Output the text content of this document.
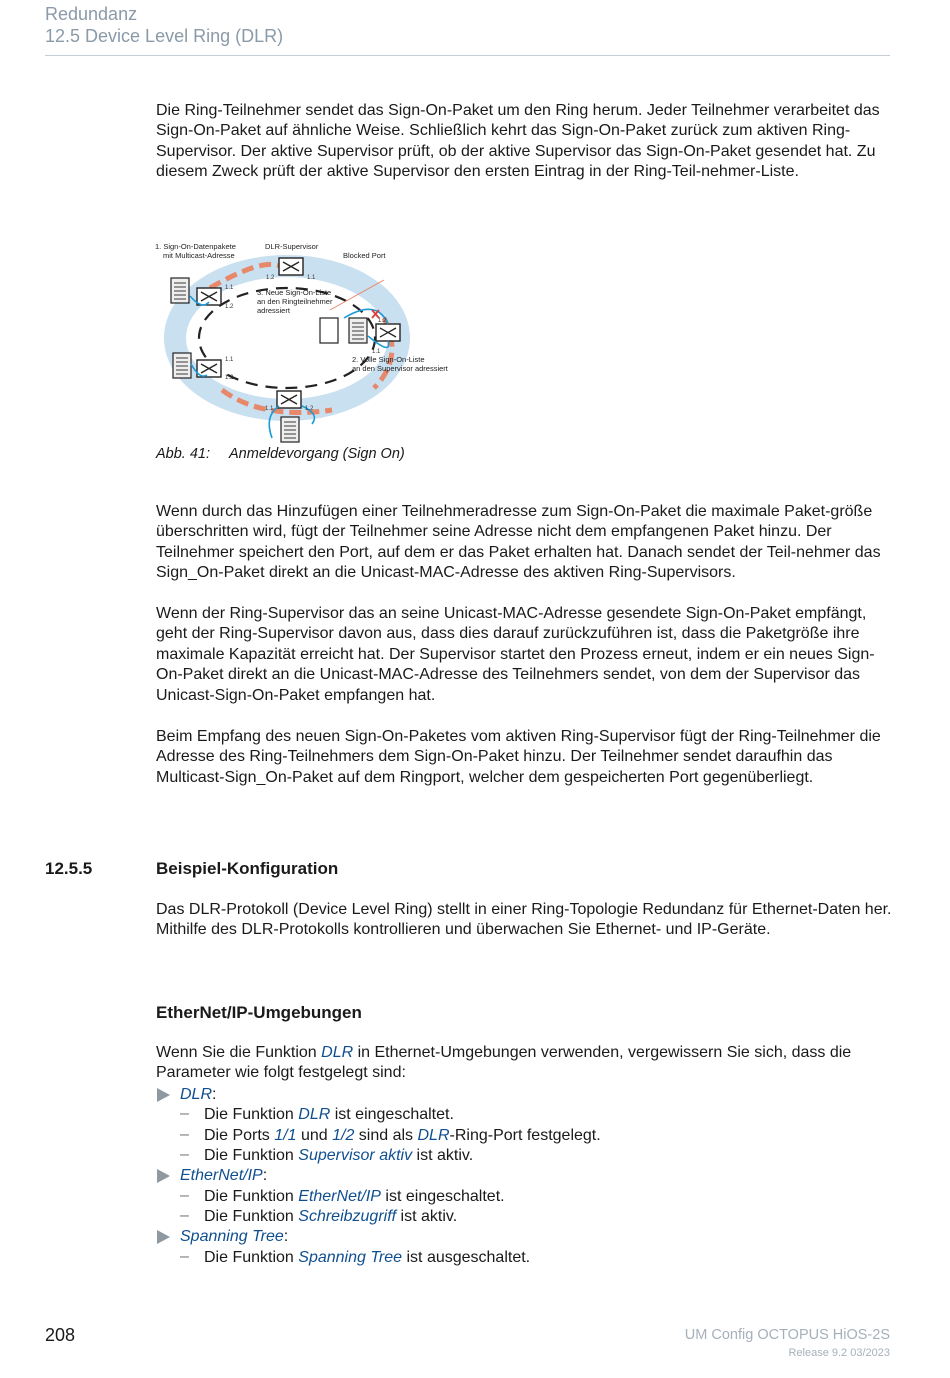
Redundanz
12.5 Device Level Ring (DLR)
Die Ring-Teilnehmer sendet das Sign-On-Paket um den Ring herum. Jeder Teilnehmer verarbeitet das Sign-On-Paket auf ähnliche Weise. Schließlich kehrt das Sign-On-Paket zurück zum aktiven Ring-Supervisor. Der aktive Supervisor prüft, ob der aktive Supervisor das Sign-On-Paket gesendet hat. Zu diesem Zweck prüft der aktive Supervisor den ersten Eintrag in der Ring-Teil-nehmer-Liste.
1. Sign-On-Datenpakete
mit Multicast-Adresse
DLR-Supervisor
Blocked Port
3. Neue Sign-On-Liste
an den Ringteilnehmer
adressiert
2. Volle Sign-On-Liste
an den Supervisor adressiert
1.2	1.1
1.1
1.2
1.1
1.2
1.1	1.2
1.2
1.1
Abb. 41: Anmeldevorgang (Sign On)
Wenn durch das Hinzufügen einer Teilnehmeradresse zum Sign-On-Paket die maximale Paket-größe überschritten wird, fügt der Teilnehmer seine Adresse nicht dem empfangenen Paket hinzu. Der Teilnehmer speichert den Port, auf dem er das Paket erhalten hat. Danach sendet der Teil-nehmer das Sign_On-Paket direkt an die Unicast-MAC-Adresse des aktiven Ring-Supervisors.
Wenn der Ring-Supervisor das an seine Unicast-MAC-Adresse gesendete Sign-On-Paket empfängt, geht der Ring-Supervisor davon aus, dass dies darauf zurückzuführen ist, dass die Paketgröße ihre maximale Kapazität erreicht hat. Der Supervisor startet den Prozess erneut, indem er ein neues Sign-On-Paket direkt an die Unicast-MAC-Adresse des Teilnehmers sendet, von dem der Supervisor das Unicast-Sign-On-Paket empfangen hat.
Beim Empfang des neuen Sign-On-Paketes vom aktiven Ring-Supervisor fügt der Ring-Teilnehmer die Adresse des Ring-Teilnehmers dem Sign-On-Paket hinzu. Der Teilnehmer sendet daraufhin das Multicast-Sign_On-Paket auf dem Ringport, welcher dem gespeicherten Port gegenüberliegt.
12.5.5	Beispiel-Konfiguration
Das DLR-Protokoll (Device Level Ring) stellt in einer Ring-Topologie Redundanz für Ethernet-Daten her. Mithilfe des DLR-Protokolls kontrollieren und überwachen Sie Ethernet- und IP-Geräte.
EtherNet/IP-Umgebungen
Wenn Sie die Funktion DLR in Ethernet-Umgebungen verwenden, vergewissern Sie sich, dass die
Parameter wie folgt festgelegt sind:
DLR:
– Die Funktion DLR ist eingeschaltet.
– Die Ports 1/1 und 1/2 sind als DLR-Ring-Port festgelegt.
– Die Funktion Supervisor aktiv ist aktiv.
EtherNet/IP:
– Die Funktion EtherNet/IP ist eingeschaltet.
– Die Funktion Schreibzugriff ist aktiv.
Spanning Tree:
– Die Funktion Spanning Tree ist ausgeschaltet.
208	UM Config OCTOPUS HiOS-2S
Release 9.2 03/2023
